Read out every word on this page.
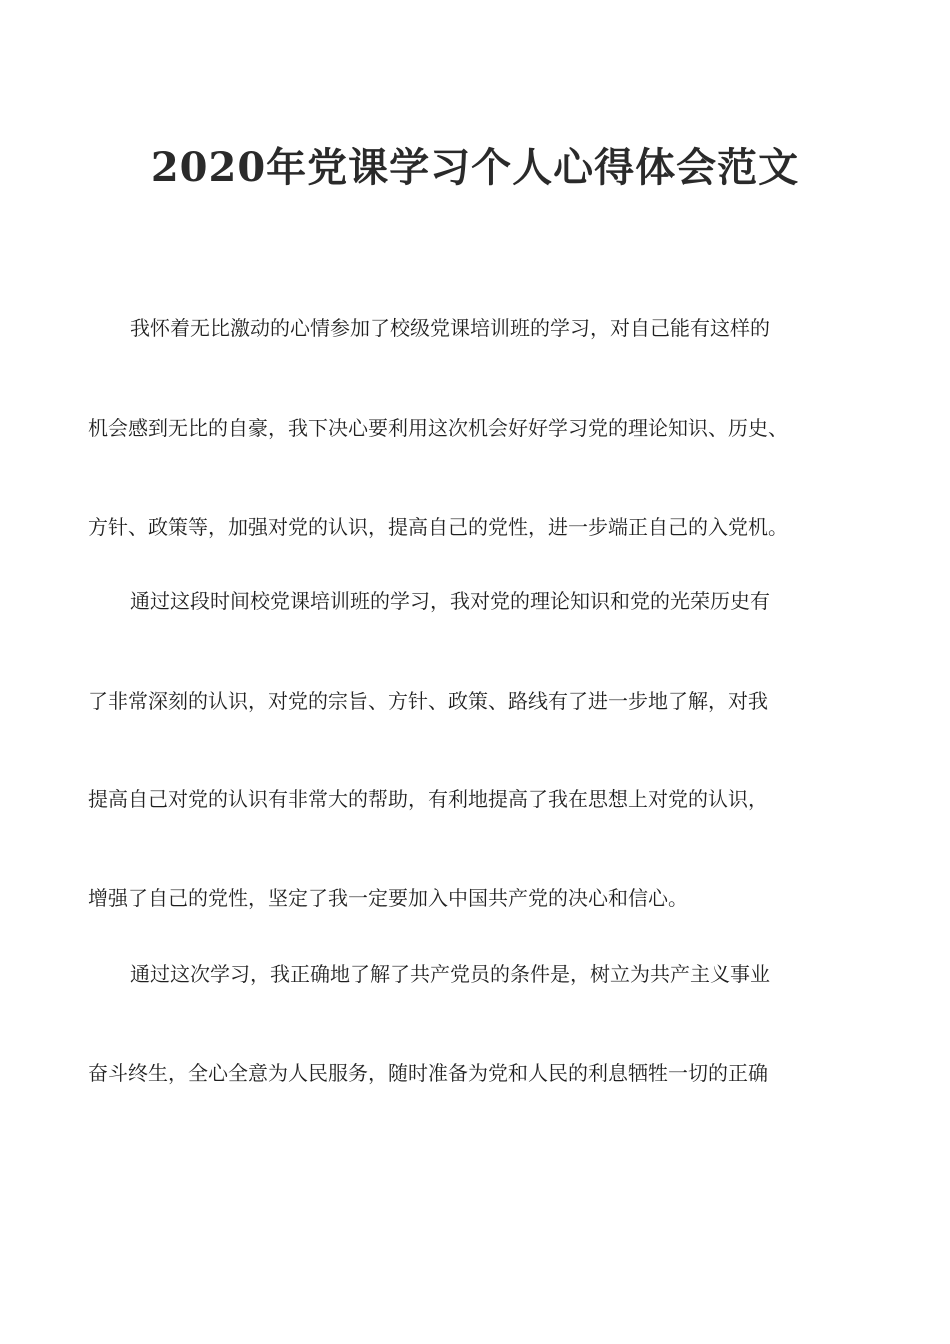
2020年党课学习个人心得体会范文
我怀着无比激动的心情参加了校级党课培训班的学习，对自己能有这样的
机会感到无比的自豪，我下决心要利用这次机会好好学习党的理论知识、历史、
方针、政策等，加强对党的认识，提高自己的党性，进一步端正自己的入党机。
通过这段时间校党课培训班的学习，我对党的理论知识和党的光荣历史有
了非常深刻的认识，对党的宗旨、方针、政策、路线有了进一步地了解，对我
提高自己对党的认识有非常大的帮助，有利地提高了我在思想上对党的认识，
增强了自己的党性，坚定了我一定要加入中国共产党的决心和信心。
通过这次学习，我正确地了解了共产党员的条件是，树立为共产主义事业
奋斗终生，全心全意为人民服务，随时准备为党和人民的利息牺牲一切的正确
